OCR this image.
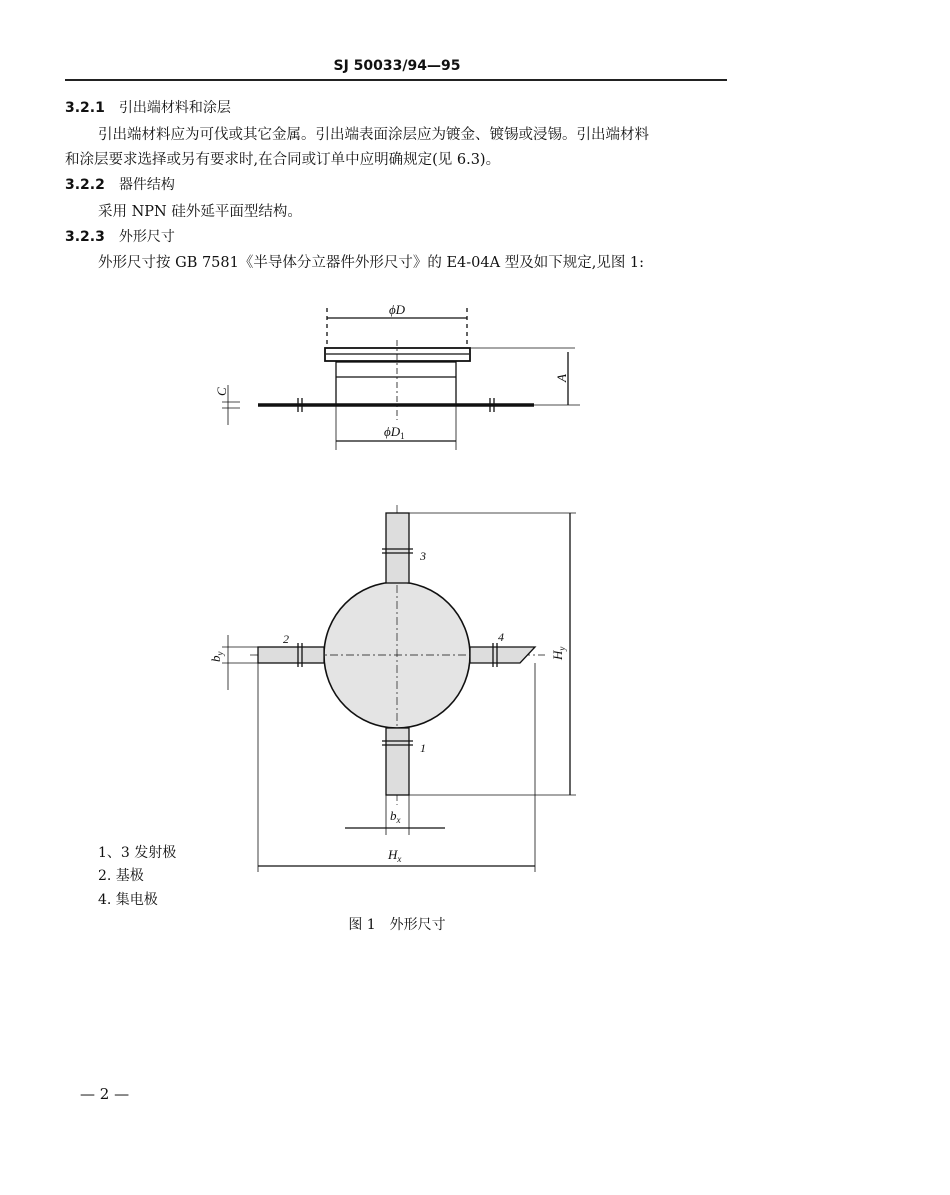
SJ 50033/94—95
3.2.1 引出端材料和涂层
引出端材料应为可伐或其它金属。引出端表面涂层应为镀金、镀锡或浸锡。引出端材料
和涂层要求选择或另有要求时,在合同或订单中应明确规定(见 6.3)。
3.2.2 器件结构
采用 NPN 硅外延平面型结构。
3.2.3 外形尺寸
外形尺寸按 GB 7581《半导体分立器件外形尺寸》的 E4-04A 型及如下规定,见图 1:
ϕD
A
C
$\phi D_1$
3
2	4
1
$H_y$
$b_y$
$b_x$
$H_x$
1、3 发射极
2. 基极
4. 集电极
图 1　外形尺寸
— 2 —
